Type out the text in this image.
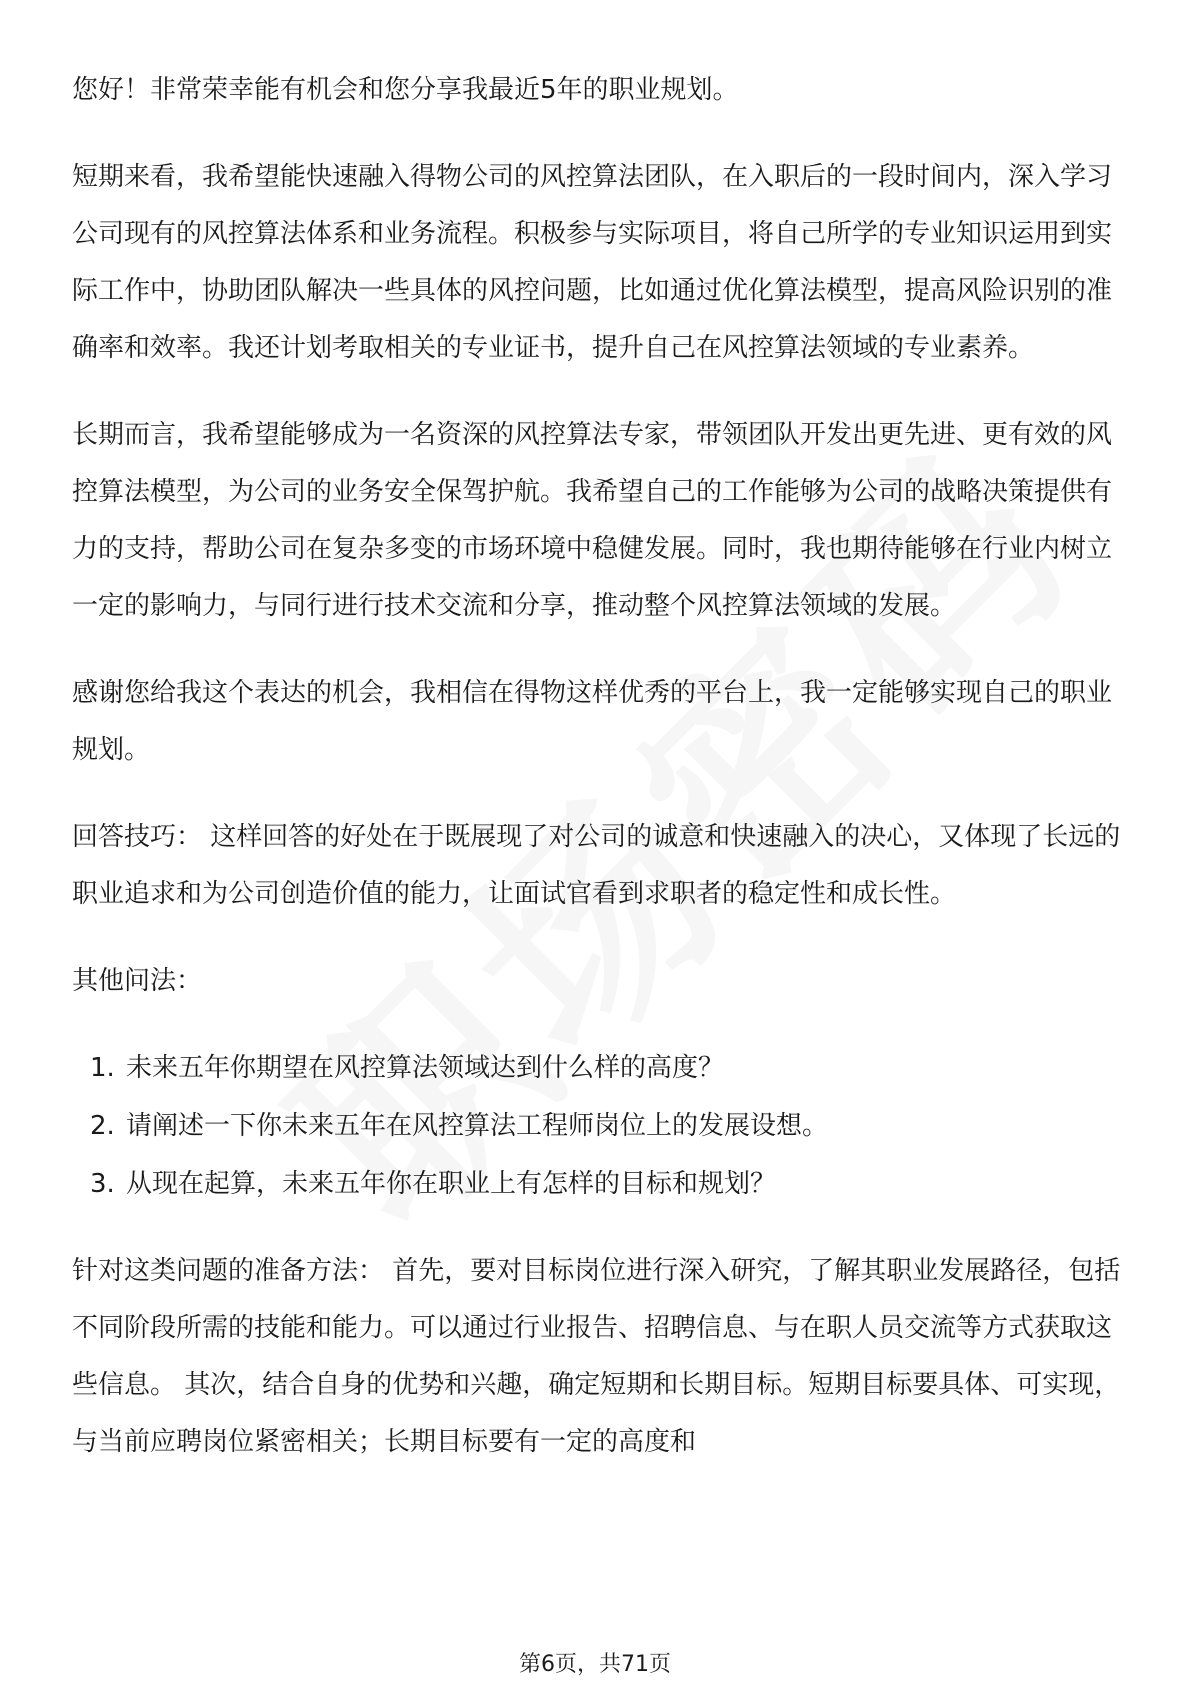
您好！非常荣幸能有机会和您分享我最近5年的职业规划。

短期来看，我希望能快速融入得物公司的风控算法团队，在入职后的一段时间内，深入学习公司现有的风控算法体系和业务流程。积极参与实际项目，将自己所学的专业知识运用到实际工作中，协助团队解决一些具体的风控问题，比如通过优化算法模型，提高风险识别的准确率和效率。我还计划考取相关的专业证书，提升自己在风控算法领域的专业素养。

长期而言，我希望能够成为一名资深的风控算法专家，带领团队开发出更先进、更有效的风控算法模型，为公司的业务安全保驾护航。我希望自己的工作能够为公司的战略决策提供有力的支持，帮助公司在复杂多变的市场环境中稳健发展。同时，我也期待能够在行业内树立一定的影响力，与同行进行技术交流和分享，推动整个风控算法领域的发展。

感谢您给我这个表达的机会，我相信在得物这样优秀的平台上，我一定能够实现自己的职业规划。

回答技巧： 这样回答的好处在于既展现了对公司的诚意和快速融入的决心，又体现了长远的职业追求和为公司创造价值的能力，让面试官看到求职者的稳定性和成长性。

其他问法：

1. 未来五年你期望在风控算法领域达到什么样的高度？
2. 请阐述一下你未来五年在风控算法工程师岗位上的发展设想。
3. 从现在起算，未来五年你在职业上有怎样的目标和规划？

针对这类问题的准备方法： 首先，要对目标岗位进行深入研究，了解其职业发展路径，包括不同阶段所需的技能和能力。可以通过行业报告、招聘信息、与在职人员交流等方式获取这些信息。 其次，结合自身的优势和兴趣，确定短期和长期目标。短期目标要具体、可实现，与当前应聘岗位紧密相关；长期目标要有一定的高度和

第6页，共71页
